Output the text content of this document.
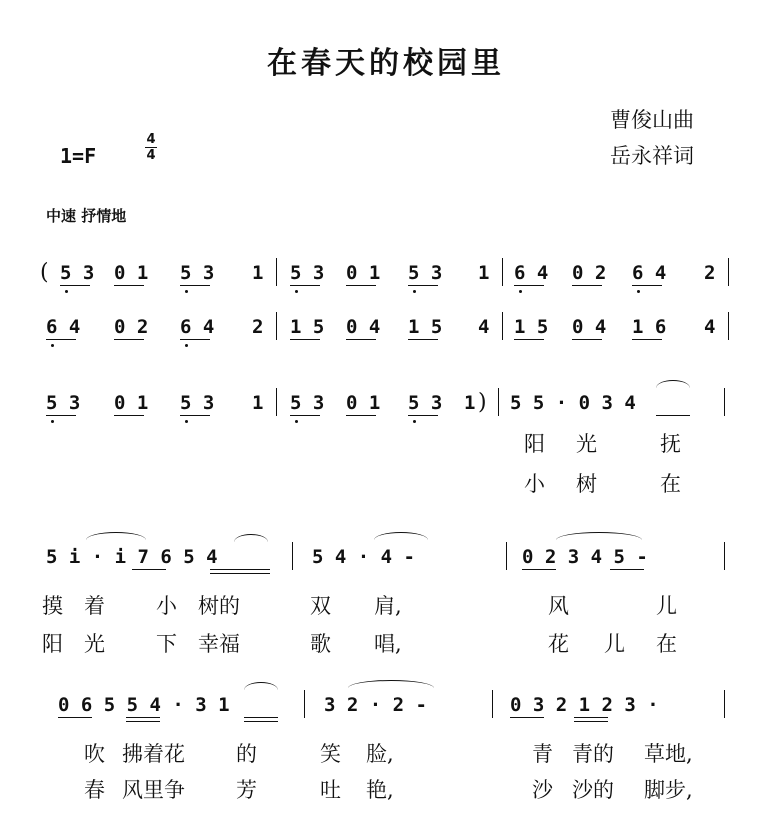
在春天的校园里
曹俊山曲
岳永祥词
1=F
4
4
中速 抒情地
( 5 3 0 1 5 3 1 5 3 0 1 5 3 1 6 4 0 2 6 4 2
6 4 0 2 6 4 2 1 5 0 4 1 5 4 1 5 0 4 1 6 4
5 3 0 1 5 3 1 5 3 0 1 5 3 1 ) 5 5 · 0 3 4
阳 光	抚
小 树	在
5 i · i 7 6 5 4	5 4 · 4 -	0 2 3 4 5 -
摸 着 小 树的	双 肩,	风	儿
阳 光 下 幸福	歌 唱,	花 儿 在
0 6 5 5 4 · 3 1	3 2 · 2 -	0 3 2 1 2 3 ·
吹 拂着花 的	笑 脸,	青 青的 草地,
春 风里争 芳	吐 艳,	沙 沙的 脚步,
